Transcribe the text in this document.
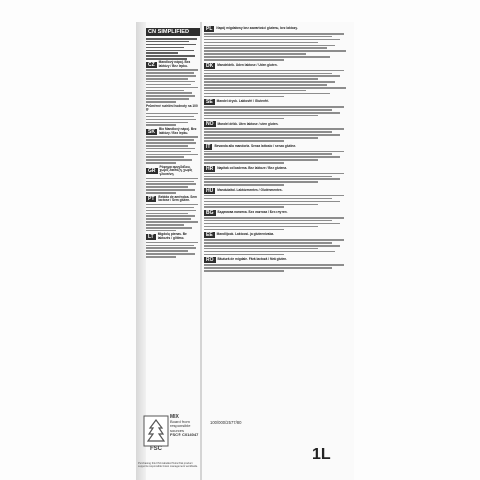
CN SIMPLIFIED
CZ	Mandlový nápoj. Bez laktózy / Bez lepku.
Průměrné nutriční hodnoty na 100 g:
SK	Bio Mandlový nápoj. Bez laktózy / Bez lepku.
GR
Ρόφημα αμυγδάλου, χωρίς λακτόζη, χωρίς γλουτένη.
PT	Bebida de amêndoa. Sem lactose / Sem glúten.
LT	Migdolų pienas. Be laktozės / glitimo.
PL	Napój migdałowy bez zawartości glutenu, bez laktozy.
DK	Mandeldrik. Uden laktose / Uden gluten.
SE	Mandel dryck. Laktosfri / Glutenfri.
NO	Mandel drikk. Uten laktose / uten gluten.
IT	Bevanda alla mandorla. Senza lattosio / senza glutine.
HR	Napitak od badema. Bez laktoze / Bez glutena.
HU	Mandulaital. Laktózmentes / Gluténmentes.
BG	Бадемова напитка. Без лактоза / Без глутен.
EE	Mandlijook. Laktoosi- ja gluteenivaba.
RO	Băutură de migdale. Fără lactoză / fără gluten.
FSC
MIX
Board from
responsible
sources
FSC® C014047
Purchasing this FSC-labelled Tetra Pak product supports responsible forest management worldwide.
100/000/2577/80
1L
